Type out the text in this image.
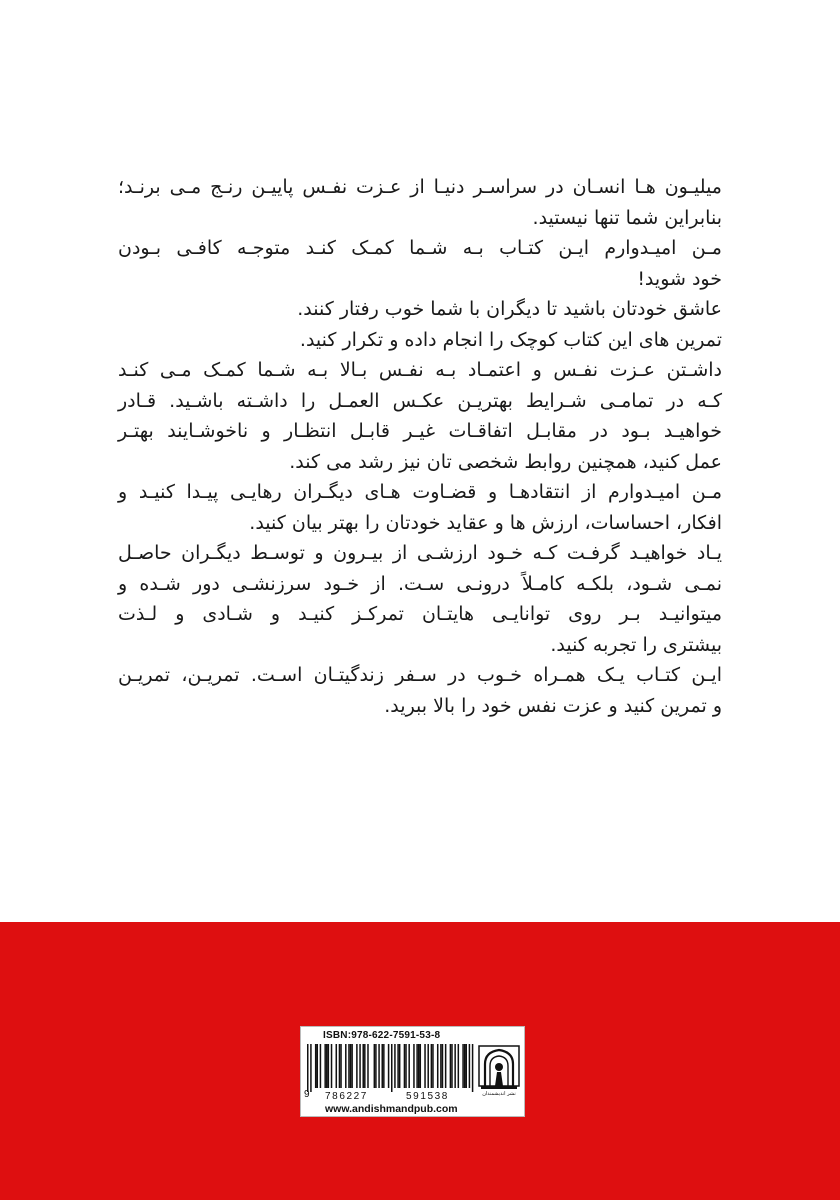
میلیـون هـا انسـان در سراسـر دنیـا از عـزت نفـس پاییـن رنـج مـی برنـد؛
بنابراین شما تنها نیستید.
مـن امیـدوارم ایـن کتـاب بـه شـما کمـک کنـد متوجـه کافـی بـودن
خود شوید!
عاشق خودتان باشید تا دیگران با شما خوب رفتار کنند.
تمرین های این کتاب کوچک را انجام داده و تکرار کنید.
داشـتن عـزت نفـس و اعتمـاد بـه نفـس بـالا بـه شـما کمـک مـی کنـد
کـه در تمامـی شـرایط بهتریـن عکـس العمـل را داشـته باشـید. قـادر
خواهیـد بـود در مقابـل اتفاقـات غیـر قابـل انتظـار و ناخوشـایند بهتـر
عمل کنید، همچنین روابط شخصی تان نیز رشد می کند.
مـن امیـدوارم از انتقادهـا و قضـاوت هـای دیگـران رهایـی پیـدا کنیـد و
افکار، احساسات، ارزش ها و عقاید خودتان را بهتر بیان کنید.
یـاد خواهیـد گرفـت کـه خـود ارزشـی از بیـرون و توسـط دیگـران حاصـل
نمـی شـود، بلکـه کامـلاً درونـی سـت. از خـود سرزنشـی دور شـده و
میتوانیـد بـر روی توانایـی هایتـان تمرکـز کنیـد و شـادی و لـذت
بیشتری را تجربه کنید.
ایـن کتـاب یـک همـراه خـوب در سـفر زندگیتـان اسـت. تمریـن، تمریـن
و تمرین کنید و عزت نفس خود را بالا ببرید.
ISBN:978-622-7591-53-8
9 786227	591538
www.andishmandpub.com
نشر اندیشمندان
